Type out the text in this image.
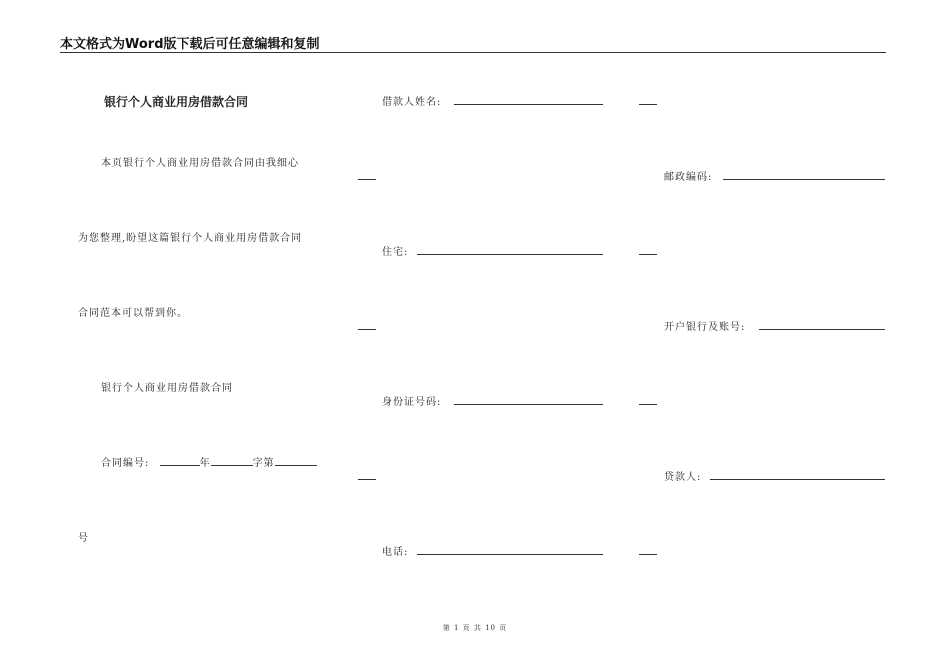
本文格式为Word版下载后可任意编辑和复制
银行个人商业用房借款合同
本页银行个人商业用房借款合同由我细心
为您整理,盼望这篇银行个人商业用房借款合同
合同范本可以帮到你。
银行个人商业用房借款合同
合同编号:	年	字第
号
借款人姓名:
住宅:
身份证号码:
电话:
邮政编码:
开户银行及账号:
贷款人:
第 1 页 共 10 页
